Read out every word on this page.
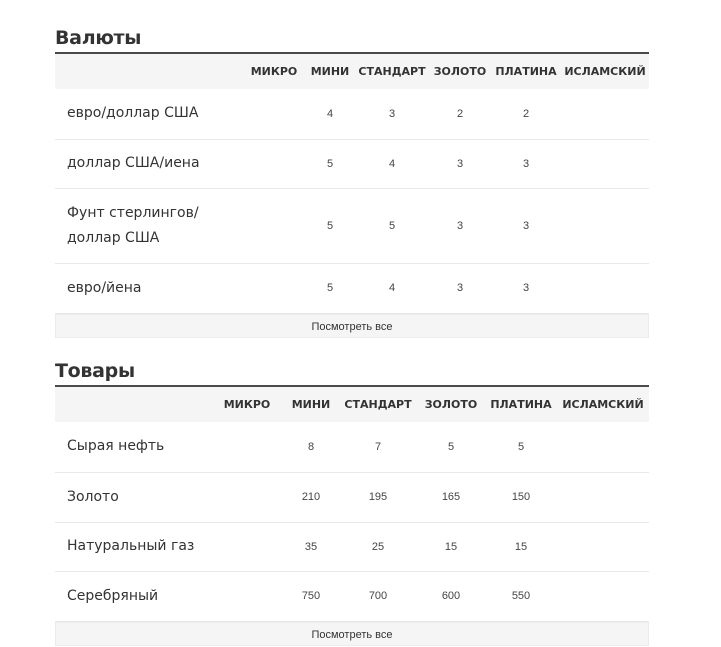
Валюты
	МИКРО	МИНИ	СТАНДАРТ	ЗОЛОТО	ПЛАТИНА	ИСЛАМСКИЙ
евро/доллар США		4	3	2	2	
доллар США/иена		5	4	3	3	
Фунт стерлингов/ доллар США		5	5	3	3	
евро/йена		5	4	3	3	
Посмотреть все
Товары
	МИКРО	МИНИ	СТАНДАРТ	ЗОЛОТО	ПЛАТИНА	ИСЛАМСКИЙ
Сырая нефть		8	7	5	5	
Золото		210	195	165	150	
Натуральный газ		35	25	15	15	
Серебряный		750	700	600	550	
Посмотреть все
